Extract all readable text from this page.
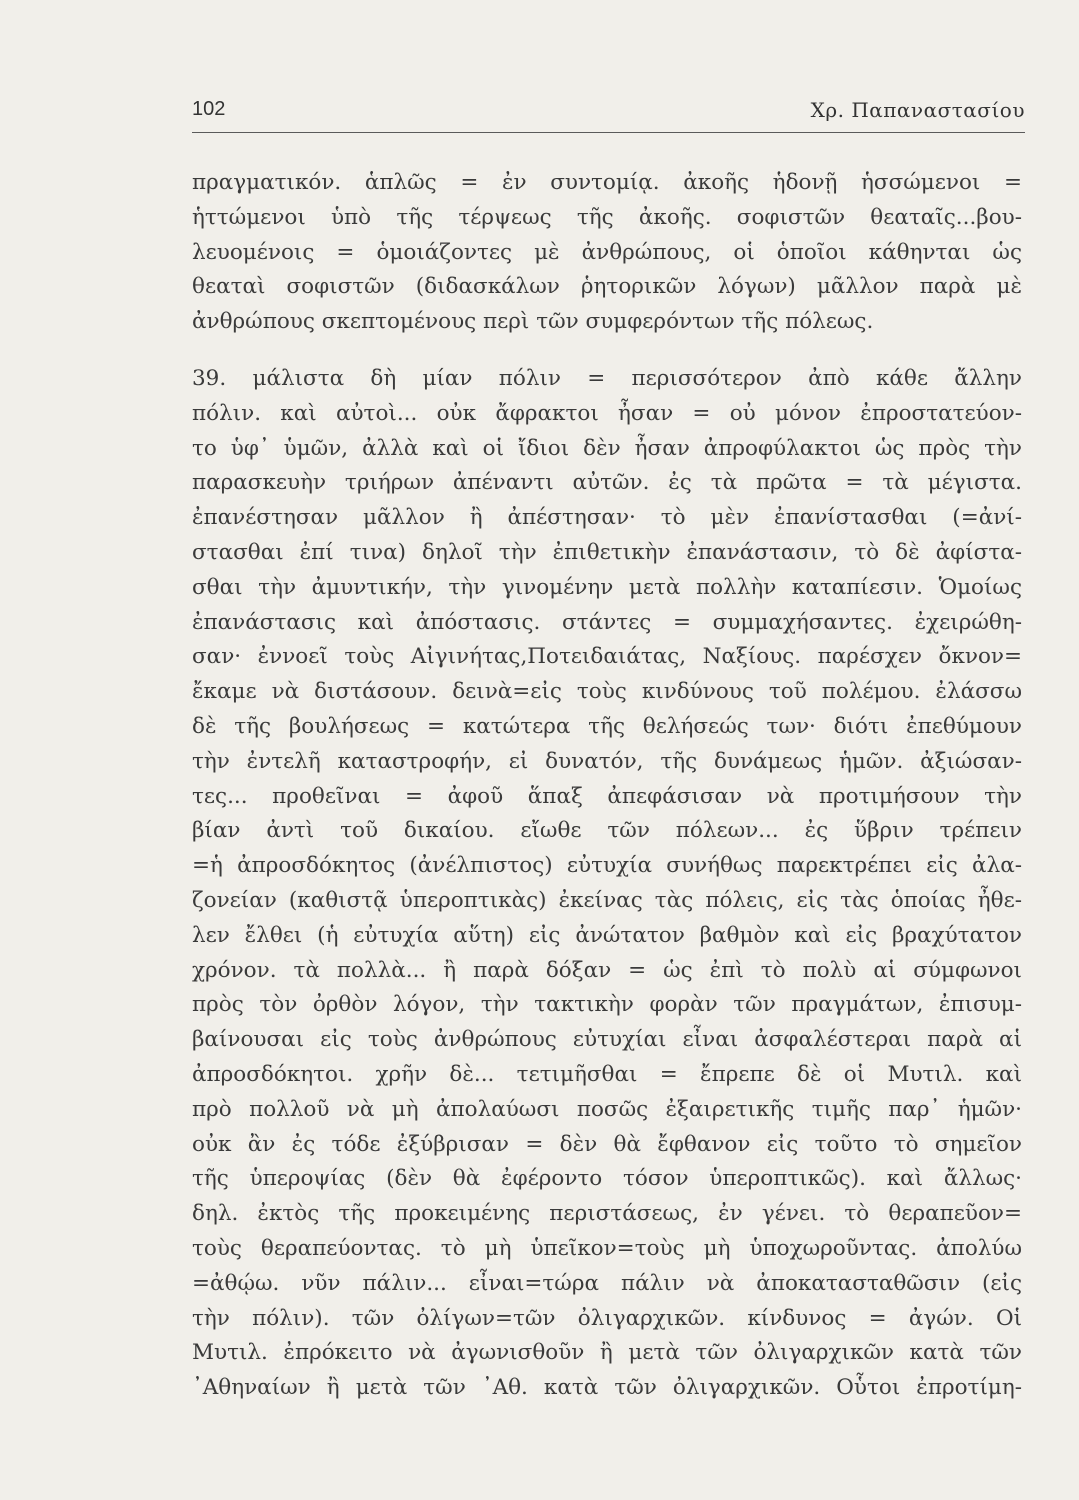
102	Χρ. Παπαναστασίου
πραγματικόν. ἁπλῶς = ἐν συντομίᾳ. ἀκοῆς ἡδονῇ ἡσσώμενοι =
ἡττώμενοι ὑπὸ τῆς τέρψεως τῆς ἀκοῆς. σοφιστῶν θεαταῖς...βου-
λευομένοις = ὁμοιάζοντες μὲ ἀνθρώπους, οἱ ὁποῖοι κάθηνται ὡς
θεαταὶ σοφιστῶν (διδασκάλων ῥητορικῶν λόγων) μᾶλλον παρὰ μὲ
ἀνθρώπους σκεπτομένους περὶ τῶν συμφερόντων τῆς πόλεως.
39. μάλιστα δὴ μίαν πόλιν = περισσότερον ἀπὸ κάθε ἄλλην
πόλιν. καὶ αὐτοὶ... οὐκ ἄφρακτοι ἦσαν = οὐ μόνον ἐπροστατεύον-
το ὑφ᾽ ὑμῶν, ἀλλὰ καὶ οἱ ἴδιοι δὲν ἦσαν ἀπροφύλακτοι ὡς πρὸς τὴν
παρασκευὴν τριήρων ἀπέναντι αὐτῶν. ἐς τὰ πρῶτα = τὰ μέγιστα.
ἐπανέστησαν μᾶλλον ἢ ἀπέστησαν· τὸ μὲν ἐπανίστασθαι (=ἀνί-
στασθαι ἐπί τινα) δηλοῖ τὴν ἐπιθετικὴν ἐπανάστασιν, τὸ δὲ ἀφίστα-
σθαι τὴν ἀμυντικήν, τὴν γινομένην μετὰ πολλὴν καταπίεσιν. Ὁμοίως
ἐπανάστασις καὶ ἀπόστασις. στάντες = συμμαχήσαντες. ἐχειρώθη-
σαν· ἐννοεῖ τοὺς Αἰγινήτας,Ποτειδαιάτας, Ναξίους. παρέσχεν ὄκνον=
ἔκαμε νὰ διστάσουν. δεινὰ=εἰς τοὺς κινδύνους τοῦ πολέμου. ἐλάσσω
δὲ τῆς βουλήσεως = κατώτερα τῆς θελήσεώς των· διότι ἐπεθύμουν
τὴν ἐντελῆ καταστροφήν, εἰ δυνατόν, τῆς δυνάμεως ἡμῶν. ἀξιώσαν-
τες... προθεῖναι = ἀφοῦ ἅπαξ ἀπεφάσισαν νὰ προτιμήσουν τὴν
βίαν ἀντὶ τοῦ δικαίου. εἴωθε τῶν πόλεων... ἐς ὕβριν τρέπειν
=ἡ ἀπροσδόκητος (ἀνέλπιστος) εὐτυχία συνήθως παρεκτρέπει εἰς ἀλα-
ζονείαν (καθιστᾷ ὑπεροπτικὰς) ἐκείνας τὰς πόλεις, εἰς τὰς ὁποίας ἦθε-
λεν ἔλθει (ἡ εὐτυχία αὕτη) εἰς ἀνώτατον βαθμὸν καὶ εἰς βραχύτατον
χρόνον. τὰ πολλὰ... ἢ παρὰ δόξαν = ὡς ἐπὶ τὸ πολὺ αἱ σύμφωνοι
πρὸς τὸν ὀρθὸν λόγον, τὴν τακτικὴν φορὰν τῶν πραγμάτων, ἐπισυμ-
βαίνουσαι εἰς τοὺς ἀνθρώπους εὐτυχίαι εἶναι ἀσφαλέστεραι παρὰ αἱ
ἀπροσδόκητοι. χρῆν δὲ... τετιμῆσθαι = ἔπρεπε δὲ οἱ Μυτιλ. καὶ
πρὸ πολλοῦ νὰ μὴ ἀπολαύωσι ποσῶς ἐξαιρετικῆς τιμῆς παρ᾽ ἡμῶν·
οὐκ ἂν ἐς τόδε ἐξύβρισαν = δὲν θὰ ἔφθανον εἰς τοῦτο τὸ σημεῖον
τῆς ὑπεροψίας (δὲν θὰ ἐφέροντο τόσον ὑπεροπτικῶς). καὶ ἄλλως·
δηλ. ἐκτὸς τῆς προκειμένης περιστάσεως, ἐν γένει. τὸ θεραπεῦον=
τοὺς θεραπεύοντας. τὸ μὴ ὑπεῖκον=τοὺς μὴ ὑποχωροῦντας. ἀπολύω
=ἀθῴω. νῦν πάλιν... εἶναι=τώρα πάλιν νὰ ἀποκατασταθῶσιν (εἰς
τὴν πόλιν). τῶν ὀλίγων=τῶν ὀλιγαρχικῶν. κίνδυνος = ἀγών. Οἱ
Μυτιλ. ἐπρόκειτο νὰ ἀγωνισθοῦν ἢ μετὰ τῶν ὀλιγαρχικῶν κατὰ τῶν
᾽Αθηναίων ἢ μετὰ τῶν ᾽Αθ. κατὰ τῶν ὀλιγαρχικῶν. Οὗτοι ἐπροτίμη-
